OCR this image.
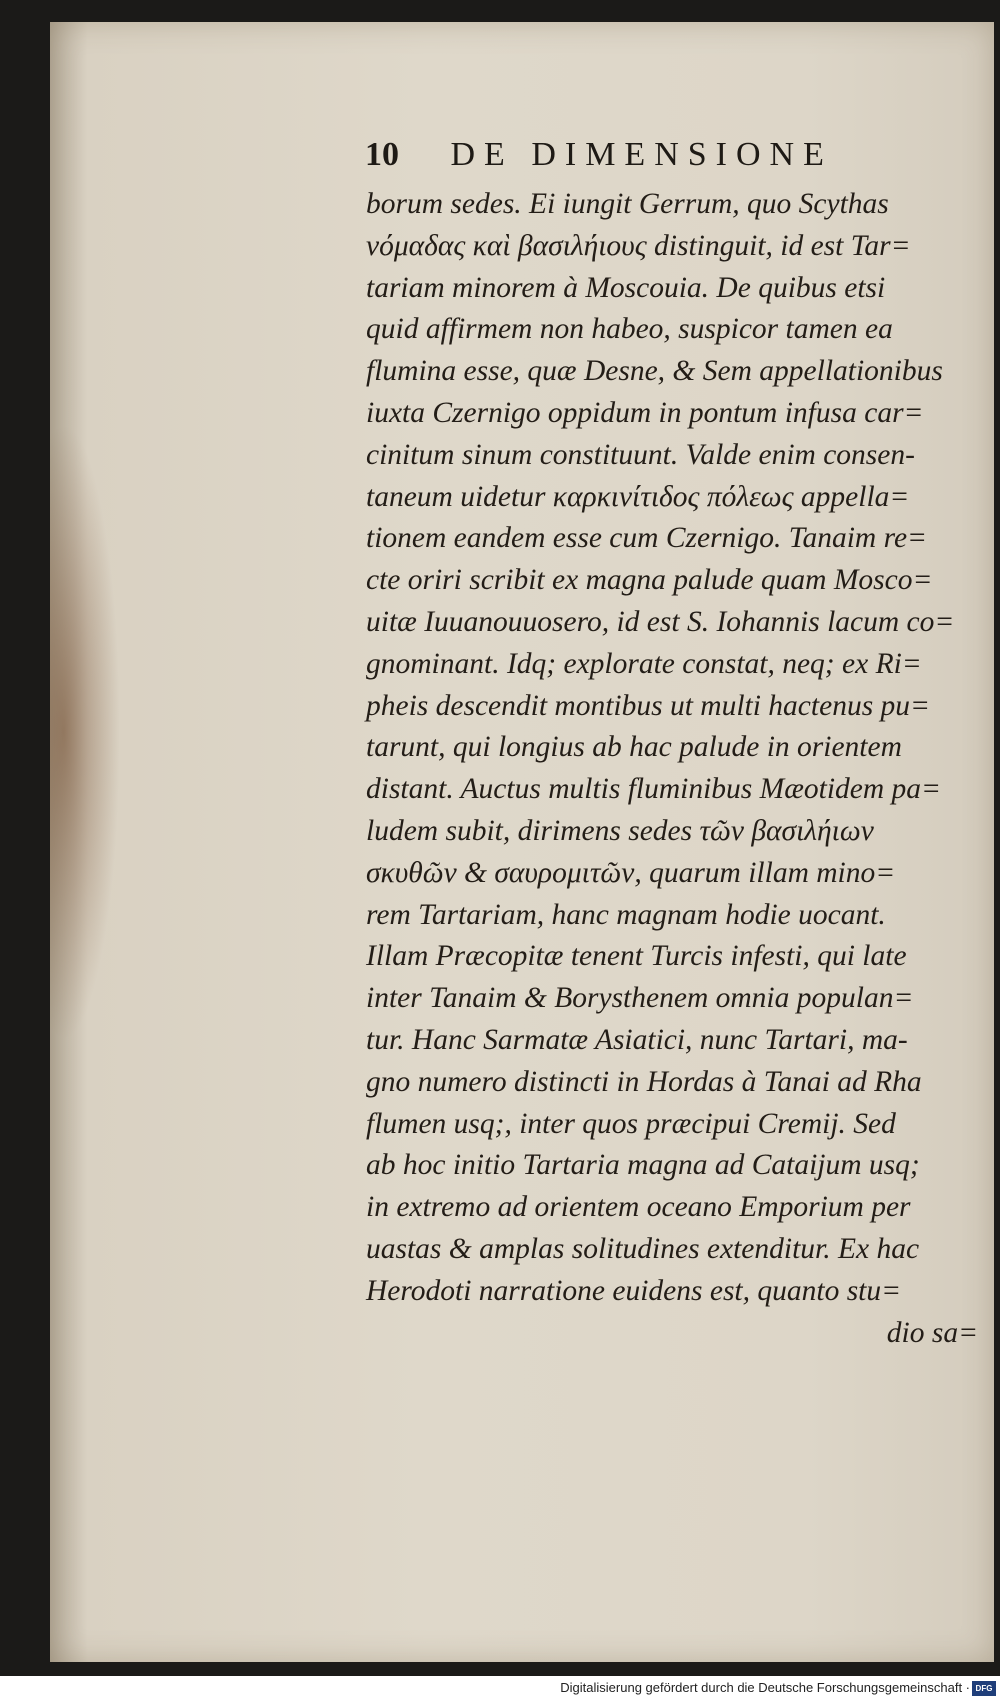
10 DE DIMENSIONE
borum sedes. Ei iungit Gerrum, quo Scythas
νόμαδας καὶ βασιλήιους distinguit, id est Tar=
tariam minorem à Moscouia. De quibus etsi
quid affirmem non habeo, suspicor tamen ea
flumina esse, quæ Desne, & Sem appellationibus
iuxta Czernigo oppidum in pontum infusa car=
cinitum sinum constituunt. Valde enim consen-
taneum uidetur καρκινίτιδος πόλεως appella=
tionem eandem esse cum Czernigo. Tanaim re=
cte oriri scribit ex magna palude quam Mosco=
uitæ Iuuanouuosero, id est S. Iohannis lacum co=
gnominant. Idq; explorate constat, neq; ex Ri=
pheis descendit montibus ut multi hactenus pu=
tarunt, qui longius ab hac palude in orientem
distant. Auctus multis fluminibus Mæotidem pa=
ludem subit, dirimens sedes τῶν βασιλήιων
σκυθῶν & σαυρομιτῶν, quarum illam mino=
rem Tartariam, hanc magnam hodie uocant.
Illam Præcopitæ tenent Turcis infesti, qui late
inter Tanaim & Borysthenem omnia populan=
tur. Hanc Sarmatæ Asiatici, nunc Tartari, ma-
gno numero distincti in Hordas à Tanai ad Rha
flumen usq;, inter quos præcipui Cremij. Sed
ab hoc initio Tartaria magna ad Cataijum usq;
in extremo ad orientem oceano Emporium per
uastas & amplas solitudines extenditur. Ex hac
Herodoti narratione euidens est, quanto stu=
dio sa=
Digitalisierung gefördert durch die Deutsche Forschungsgemeinschaft · DFG
